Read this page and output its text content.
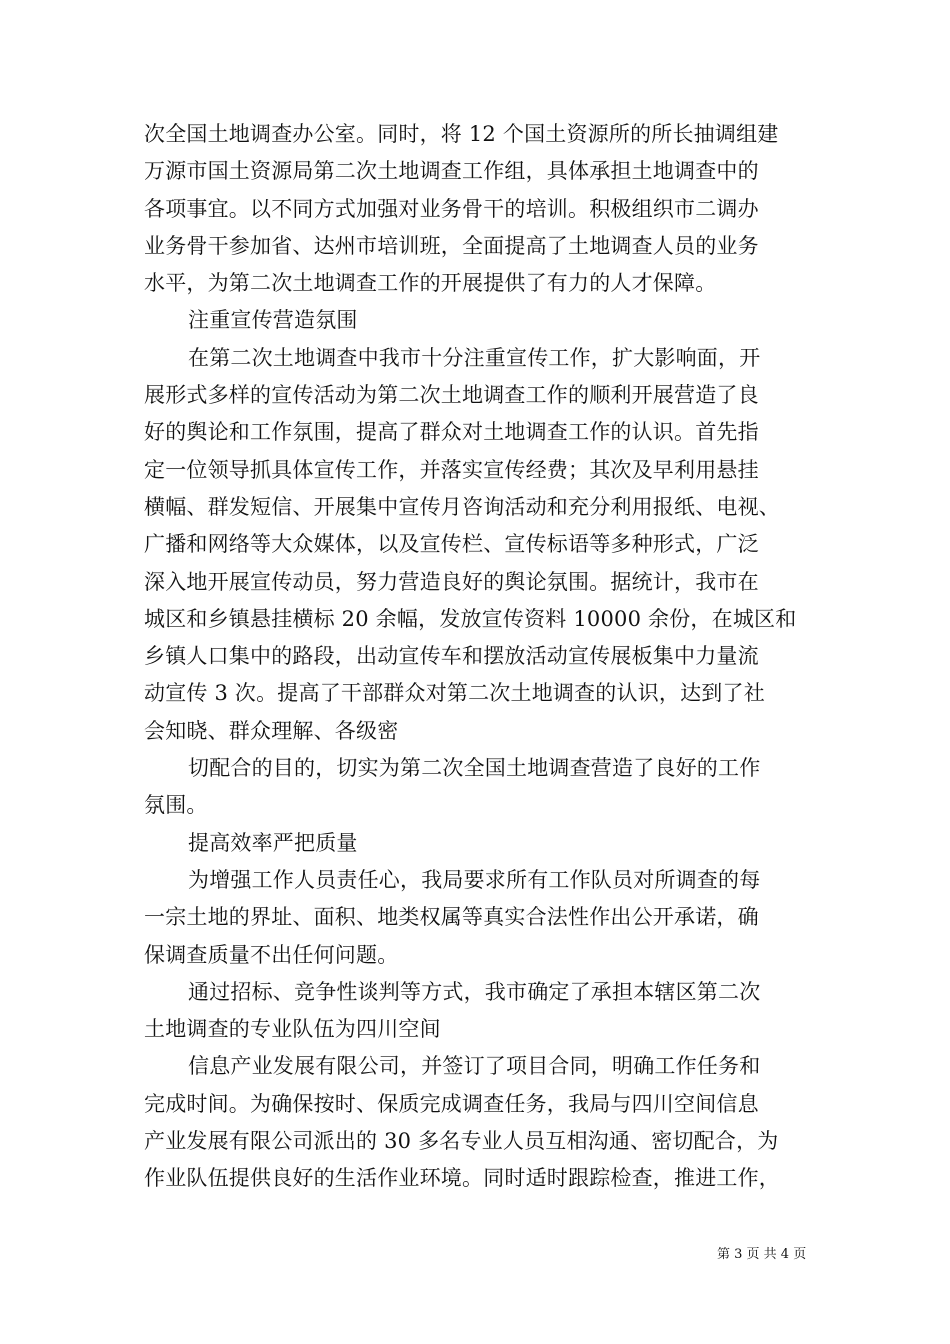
次全国土地调查办公室。同时，将 12 个国土资源所的所长抽调组建
万源市国土资源局第二次土地调查工作组，具体承担土地调查中的
各项事宜。以不同方式加强对业务骨干的培训。积极组织市二调办
业务骨干参加省、达州市培训班，全面提高了土地调查人员的业务
水平，为第二次土地调查工作的开展提供了有力的人才保障。
注重宣传营造氛围
在第二次土地调查中我市十分注重宣传工作，扩大影响面，开
展形式多样的宣传活动为第二次土地调查工作的顺利开展营造了良
好的舆论和工作氛围，提高了群众对土地调查工作的认识。首先指
定一位领导抓具体宣传工作，并落实宣传经费；其次及早利用悬挂
横幅、群发短信、开展集中宣传月咨询活动和充分利用报纸、电视、
广播和网络等大众媒体，以及宣传栏、宣传标语等多种形式，广泛
深入地开展宣传动员，努力营造良好的舆论氛围。据统计，我市在
城区和乡镇悬挂横标 20 余幅，发放宣传资料 10000 余份，在城区和
乡镇人口集中的路段，出动宣传车和摆放活动宣传展板集中力量流
动宣传 3 次。提高了干部群众对第二次土地调查的认识，达到了社
会知晓、群众理解、各级密
切配合的目的，切实为第二次全国土地调查营造了良好的工作
氛围。
提高效率严把质量
为增强工作人员责任心，我局要求所有工作队员对所调查的每
一宗土地的界址、面积、地类权属等真实合法性作出公开承诺，确
保调查质量不出任何问题。
通过招标、竞争性谈判等方式，我市确定了承担本辖区第二次
土地调查的专业队伍为四川空间
信息产业发展有限公司，并签订了项目合同，明确工作任务和
完成时间。为确保按时、保质完成调查任务，我局与四川空间信息
产业发展有限公司派出的 30 多名专业人员互相沟通、密切配合，为
作业队伍提供良好的生活作业环境。同时适时跟踪检查，推进工作，
第 3 页 共 4 页
